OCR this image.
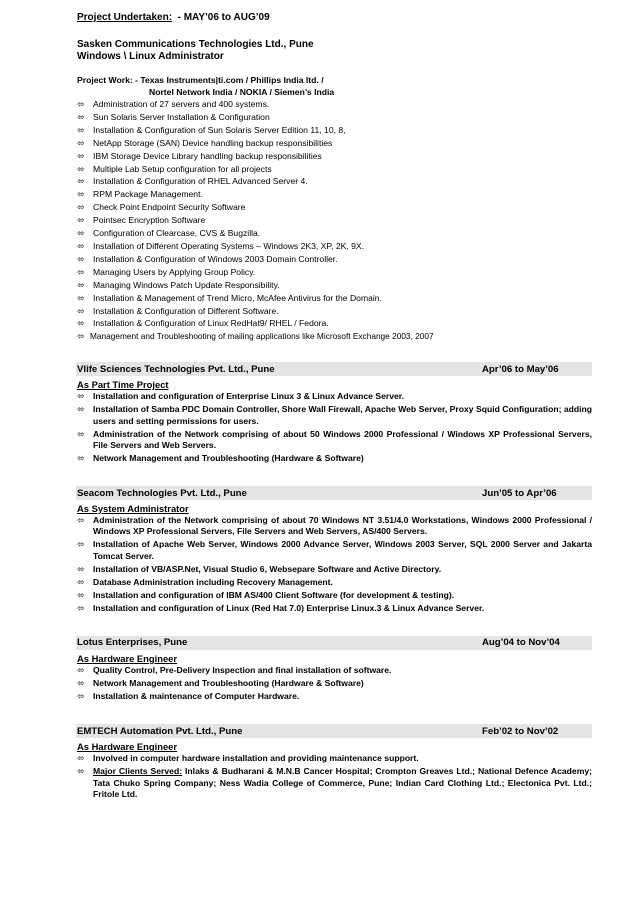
Project Undertaken: - MAY’06 to AUG’09
Sasken Communications Technologies Ltd., Pune
Windows \ Linux Administrator
Project Work: - Texas Instruments|ti.com / Phillips India ltd. /
Nortel Network India / NOKIA / Siemen’s India
⬄ Administration of 27 servers and 400 systems.
⬄ Sun Solaris Server Installation & Configuration
⬄ Installation & Configuration of Sun Solaris Server Edition 11, 10, 8,
⬄ NetApp Storage (SAN) Device handling backup responsibilities
⬄ IBM Storage Device Library handling backup responsibilities
⬄ Multiple Lab Setup configuration for all projects
⬄ Installation & Configuration of RHEL Advanced Server 4.
⬄ RPM Package Management.
⬄ Check Point Endpoint Security Software
⬄ Pointsec Encryption Software
⬄ Configuration of Clearcase, CVS & Bugzilla.
⬄ Installation of Different Operating Systems – Windows 2K3, XP, 2K, 9X.
⬄ Installation & Configuration of Windows 2003 Domain Controller.
⬄ Managing Users by Applying Group Policy.
⬄ Managing Windows Patch Update Responsibility.
⬄ Installation & Management of Trend Micro, McAfee Antivirus for the Domain.
⬄ Installation & Configuration of Different Software.
⬄ Installation & Configuration of Linux RedHat9/ RHEL / Fedora.
⬄ Management and Troubleshooting of mailing applications like Microsoft Exchange 2003, 2007
Vlife Sciences Technologies Pvt. Ltd., Pune	Apr’06 to May’06
As Part Time Project
⬄ Installation and configuration of Enterprise Linux 3 & Linux Advance Server.
⬄ Installation of Samba PDC Domain Controller, Shore Wall Firewall, Apache Web Server, Proxy Squid Configuration; adding users and setting permissions for users.
⬄ Administration of the Network comprising of about 50 Windows 2000 Professional / Windows XP Professional Servers, File Servers and Web Servers.
⬄ Network Management and Troubleshooting (Hardware & Software)
Seacom Technologies Pvt. Ltd., Pune	Jun’05 to Apr’06
As System Administrator
⬄ Administration of the Network comprising of about 70 Windows NT 3.51/4.0 Workstations, Windows 2000 Professional / Windows XP Professional Servers, File Servers and Web Servers, AS/400 Servers.
⬄ Installation of Apache Web Server, Windows 2000 Advance Server, Windows 2003 Server, SQL 2000 Server and Jakarta Tomcat Server.
⬄ Installation of VB/ASP.Net, Visual Studio 6, Websepare Software and Active Directory.
⬄ Database Administration including Recovery Management.
⬄ Installation and configuration of IBM AS/400 Client Software (for development & testing).
⬄ Installation and configuration of Linux (Red Hat 7.0) Enterprise Linux.3 & Linux Advance Server.
Lotus Enterprises, Pune	Aug’04 to Nov’04
As Hardware Engineer
⬄ Quality Control, Pre-Delivery Inspection and final installation of software.
⬄ Network Management and Troubleshooting (Hardware & Software)
⬄ Installation & maintenance of Computer Hardware.
EMTECH Automation Pvt. Ltd., Pune	Feb’02 to Nov’02
As Hardware Engineer
⬄ Involved in computer hardware installation and providing maintenance support.
⬄ Major Clients Served: Inlaks & Budharani & M.N.B Cancer Hospital; Crompton Greaves Ltd.; National Defence Academy; Tata Chuko Spring Company; Ness Wadia College of Commerce, Pune; Indian Card Clothing Ltd.; Electonica Pvt. Ltd.; Fritole Ltd.
